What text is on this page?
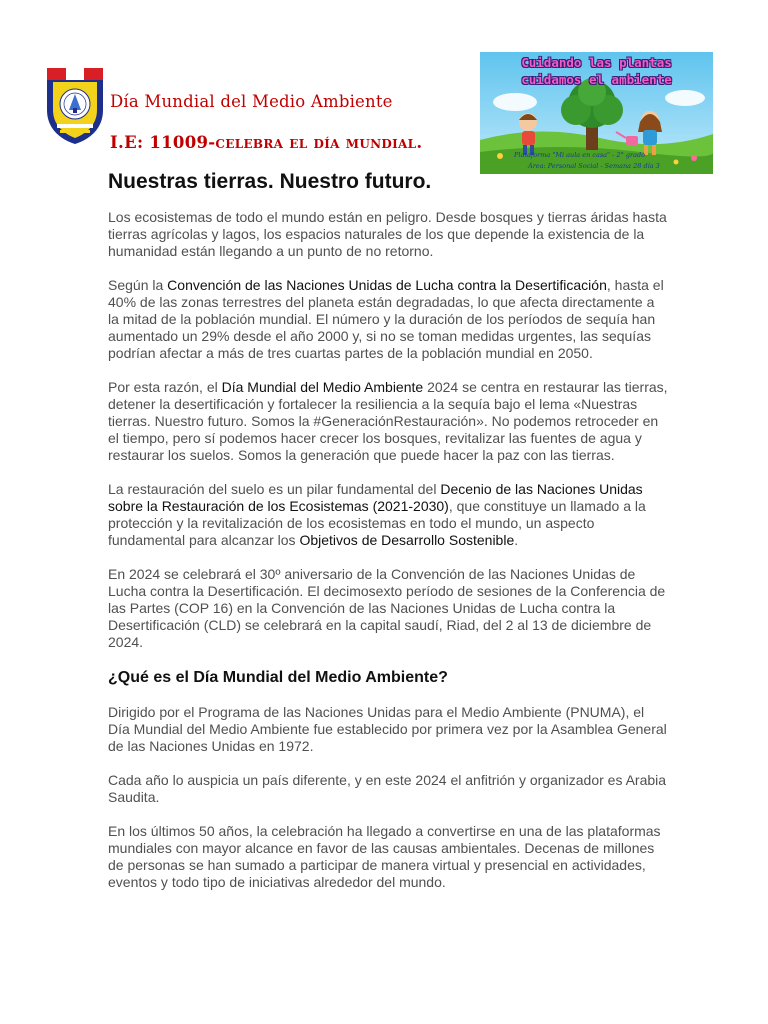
Día Mundial del Medio Ambiente
I.E: 11009-celebra el día mundial.
Cuidando las plantas
cuidamos el ambiente
Plataforma "Mi aula en casa" - 2° grado
Área: Personal Social - Semana 28 día 3
Nuestras tierras. Nuestro futuro.

Los ecosistemas de todo el mundo están en peligro. Desde bosques y tierras áridas hasta tierras agrícolas y lagos, los espacios naturales de los que depende la existencia de la humanidad están llegando a un punto de no retorno.

Según la Convención de las Naciones Unidas de Lucha contra la Desertificación, hasta el 40% de las zonas terrestres del planeta están degradadas, lo que afecta directamente a la mitad de la población mundial. El número y la duración de los períodos de sequía han aumentado un 29% desde el año 2000 y, si no se toman medidas urgentes, las sequías podrían afectar a más de tres cuartas partes de la población mundial en 2050.

Por esta razón, el Día Mundial del Medio Ambiente 2024 se centra en restaurar las tierras, detener la desertificación y fortalecer la resiliencia a la sequía bajo el lema «Nuestras tierras. Nuestro futuro. Somos la #GeneraciónRestauración». No podemos retroceder en el tiempo, pero sí podemos hacer crecer los bosques, revitalizar las fuentes de agua y restaurar los suelos. Somos la generación que puede hacer la paz con las tierras.

La restauración del suelo es un pilar fundamental del Decenio de las Naciones Unidas sobre la Restauración de los Ecosistemas (2021-2030), que constituye un llamado a la protección y la revitalización de los ecosistemas en todo el mundo, un aspecto fundamental para alcanzar los Objetivos de Desarrollo Sostenible.

En 2024 se celebrará el 30º aniversario de la Convención de las Naciones Unidas de Lucha contra la Desertificación. El decimosexto período de sesiones de la Conferencia de las Partes (COP 16) en la Convención de las Naciones Unidas de Lucha contra la Desertificación (CLD) se celebrará en la capital saudí, Riad, del 2 al 13 de diciembre de 2024.

¿Qué es el Día Mundial del Medio Ambiente?

Dirigido por el Programa de las Naciones Unidas para el Medio Ambiente (PNUMA), el Día Mundial del Medio Ambiente fue establecido por primera vez por la Asamblea General de las Naciones Unidas en 1972.

Cada año lo auspicia un país diferente, y en este 2024 el anfitrión y organizador es Arabia Saudita.

En los últimos 50 años, la celebración ha llegado a convertirse en una de las plataformas mundiales con mayor alcance en favor de las causas ambientales. Decenas de millones de personas se han sumado a participar de manera virtual y presencial en actividades, eventos y todo tipo de iniciativas alrededor del mundo.
